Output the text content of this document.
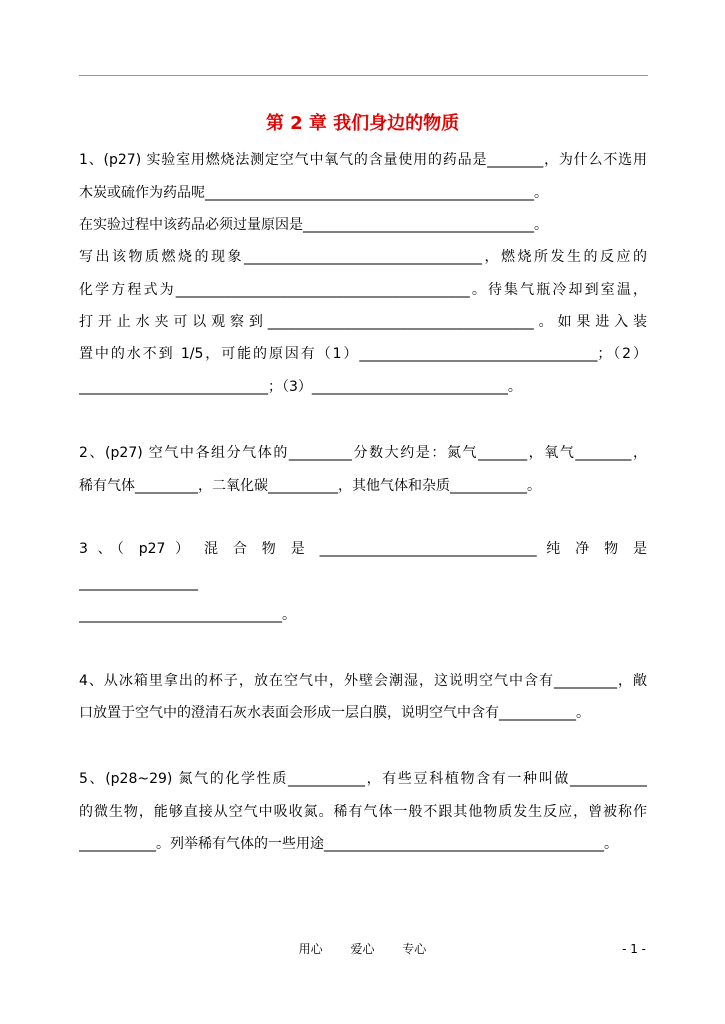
第 2 章 我们身边的物质
1、(p27) 实验室用燃烧法测定空气中氧气的含量使用的药品是________，为什么不选用
木炭或硫作为药品呢_______________________________________________。
在实验过程中该药品必须过量原因是_________________________________。
写出该物质燃烧的现象__________________________________，燃烧所发生的反应的
化学方程式为__________________________________________。待集气瓶冷却到室温，
打开止水夹可以观察到______________________________________。如果进入装
置中的水不到 1/5，可能的原因有（1）__________________________________；（2）
___________________________；（3）____________________________。
2、(p27) 空气中各组分气体的_________分数大约是：氮气_______，氧气________，
稀有气体_________，二氧化碳__________，其他气体和杂质___________。
3 、（ p27 ） 混 合 物 是 _______________________________ 纯 净 物 是
_________________
_____________________________。
4、从冰箱里拿出的杯子，放在空气中，外壁会潮湿，这说明空气中含有_________，敞
口放置于空气中的澄清石灰水表面会形成一层白膜，说明空气中含有___________。
5、(p28~29) 氮气的化学性质___________，有些豆科植物含有一种叫做___________
的微生物，能够直接从空气中吸收氮。稀有气体一般不跟其他物质发生反应，曾被称作
___________。列举稀有气体的一些用途________________________________________。
用心 爱心 专心	- 1 -
